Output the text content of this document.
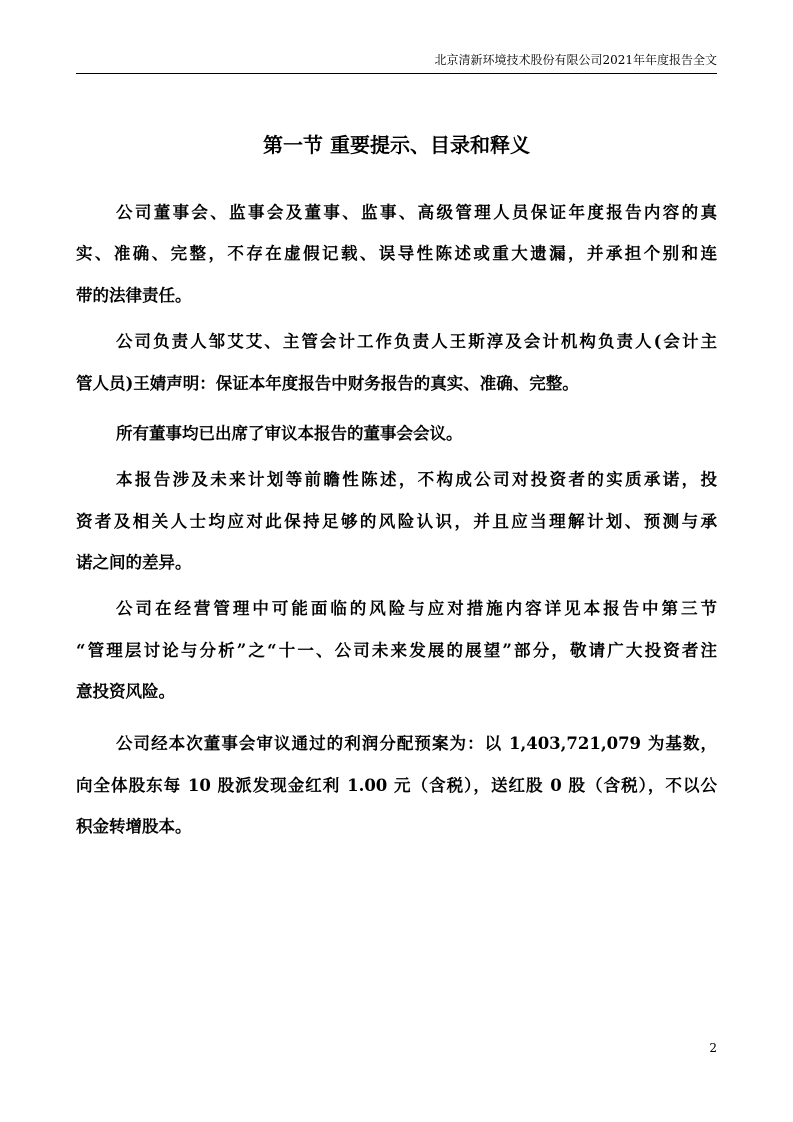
北京清新环境技术股份有限公司2021年年度报告全文
第一节 重要提示、目录和释义
公司董事会、监事会及董事、监事、高级管理人员保证年度报告内容的真
实、准确、完整，不存在虚假记载、误导性陈述或重大遗漏，并承担个别和连
带的法律责任。
公司负责人邹艾艾、主管会计工作负责人王斯淳及会计机构负责人(会计主
管人员)王婧声明：保证本年度报告中财务报告的真实、准确、完整。
所有董事均已出席了审议本报告的董事会会议。
本报告涉及未来计划等前瞻性陈述，不构成公司对投资者的实质承诺，投
资者及相关人士均应对此保持足够的风险认识，并且应当理解计划、预测与承
诺之间的差异。
公司在经营管理中可能面临的风险与应对措施内容详见本报告中第三节
“管理层讨论与分析”之“十一、公司未来发展的展望”部分，敬请广大投资者注
意投资风险。
公司经本次董事会审议通过的利润分配预案为：以 1,403,721,079 为基数，
向全体股东每 10 股派发现金红利 1.00 元（含税），送红股 0 股（含税），不以公
积金转增股本。
2
